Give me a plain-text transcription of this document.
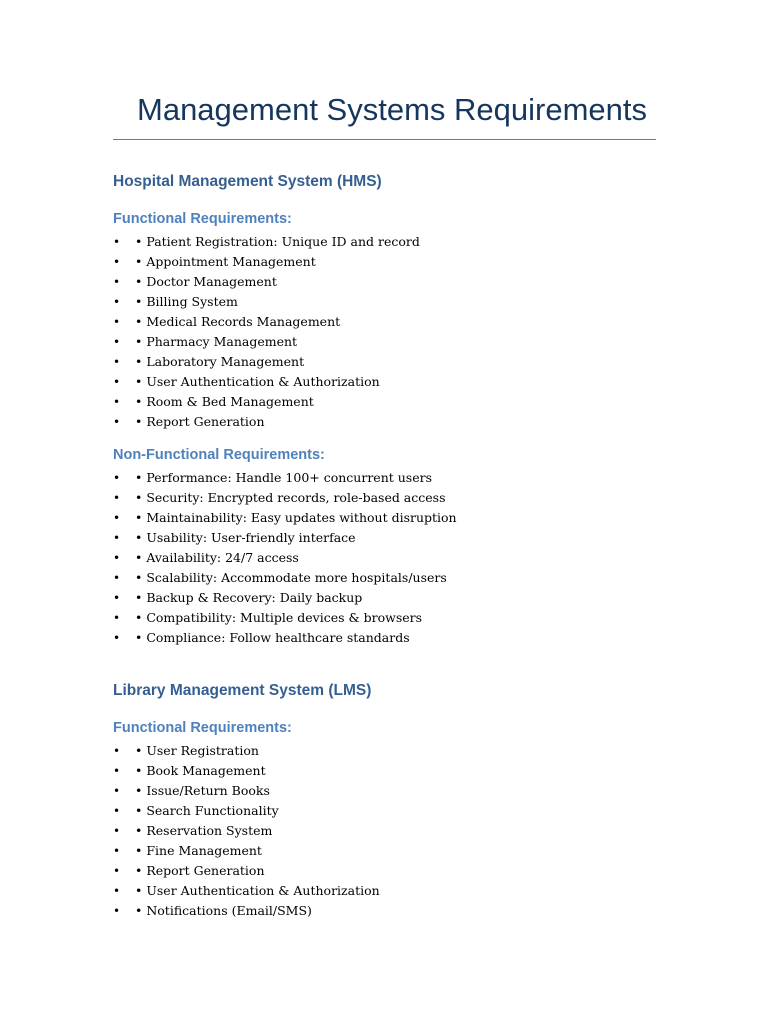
Management Systems Requirements
Hospital Management System (HMS)
Functional Requirements:
•	• Patient Registration: Unique ID and record
•	• Appointment Management
•	• Doctor Management
•	• Billing System
•	• Medical Records Management
•	• Pharmacy Management
•	• Laboratory Management
•	• User Authentication & Authorization
•	• Room & Bed Management
•	• Report Generation
Non-Functional Requirements:
•	• Performance: Handle 100+ concurrent users
•	• Security: Encrypted records, role-based access
•	• Maintainability: Easy updates without disruption
•	• Usability: User-friendly interface
•	• Availability: 24/7 access
•	• Scalability: Accommodate more hospitals/users
•	• Backup & Recovery: Daily backup
•	• Compatibility: Multiple devices & browsers
•	• Compliance: Follow healthcare standards
Library Management System (LMS)
Functional Requirements:
•	• User Registration
•	• Book Management
•	• Issue/Return Books
•	• Search Functionality
•	• Reservation System
•	• Fine Management
•	• Report Generation
•	• User Authentication & Authorization
•	• Notifications (Email/SMS)
